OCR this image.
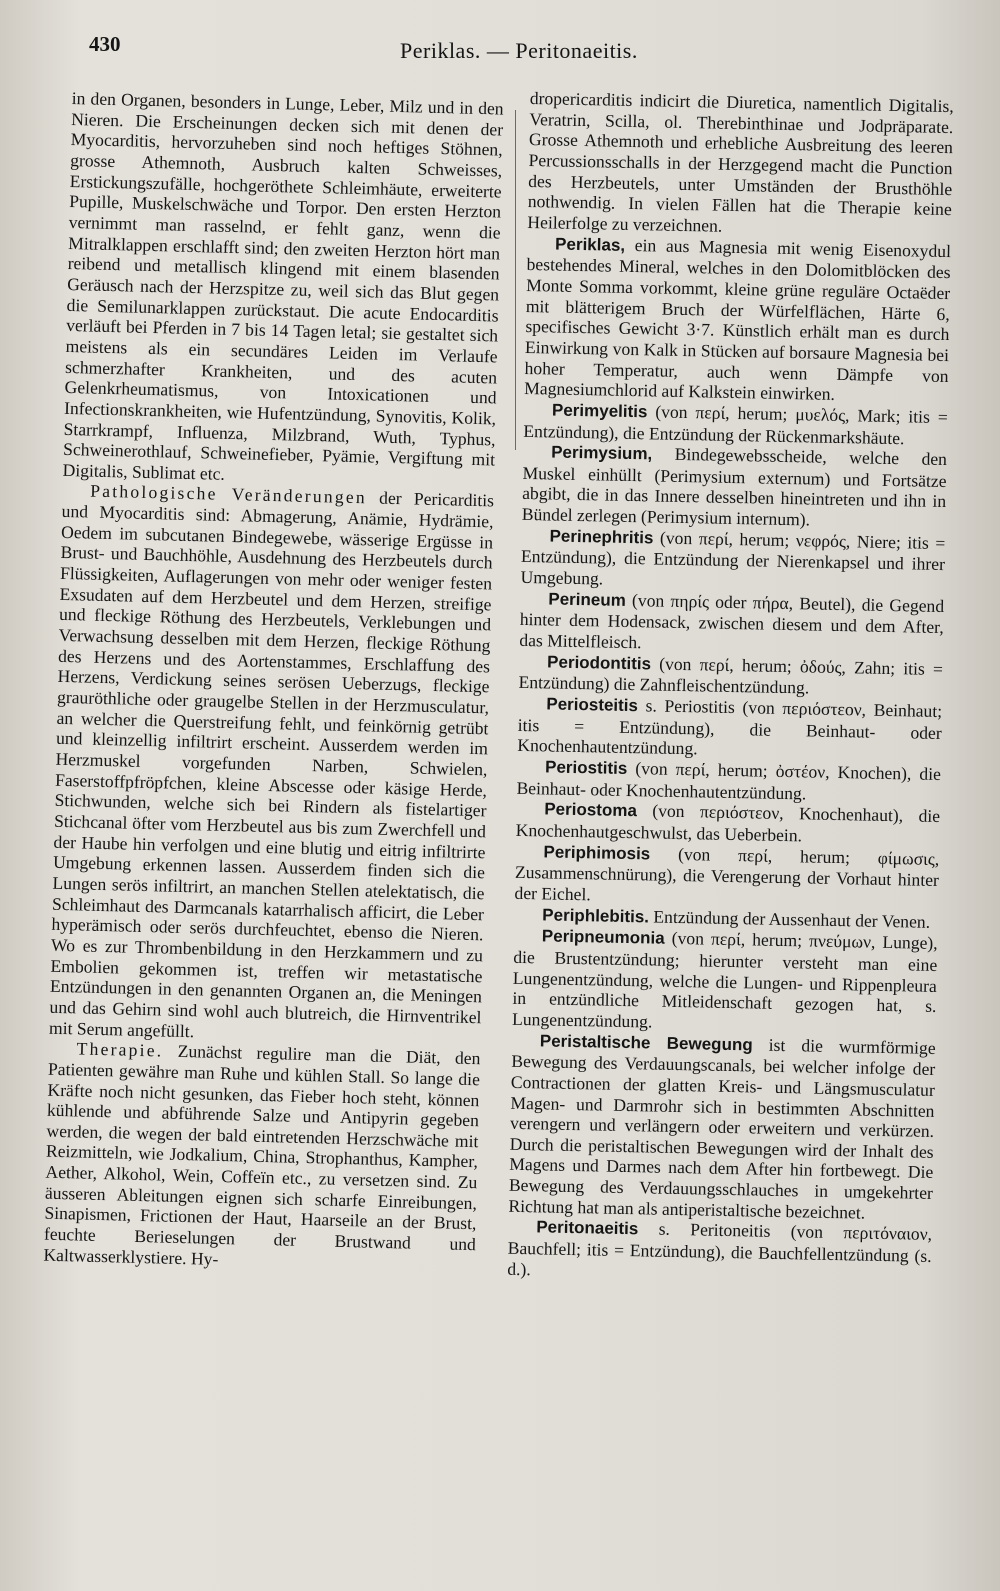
430	Periklas. — Peritonaeitis.

in den Organen, besonders in Lunge, Leber, Milz und in den Nieren. Die Erscheinungen decken sich mit denen der Myocarditis, hervorzuheben sind noch heftiges Stöhnen, grosse Athemnoth, Ausbruch kalten Schweisses, Erstickungszufälle, hochgeröthete Schleimhäute, erweiterte Pupille, Muskelschwäche und Torpor. Den ersten Herzton vernimmt man rasselnd, er fehlt ganz, wenn die Mitralklappen erschlafft sind; den zweiten Herzton hört man reibend und metallisch klingend mit einem blasenden Geräusch nach der Herzspitze zu, weil sich das Blut gegen die Semilunarklappen zurückstaut. Die acute Endocarditis verläuft bei Pferden in 7 bis 14 Tagen letal; sie gestaltet sich meistens als ein secundäres Leiden im Verlaufe schmerzhafter Krankheiten, und des acuten Gelenkrheumatismus, von Intoxicationen und Infectionskrankheiten, wie Hufentzündung, Synovitis, Kolik, Starrkrampf, Influenza, Milzbrand, Wuth, Typhus, Schweinerothlauf, Schweinefieber, Pyämie, Vergiftung mit Digitalis, Sublimat etc.

Pathologische Veränderungen der Pericarditis und Myocarditis sind: Abmagerung, Anämie, Hydrämie, Oedem im subcutanen Bindegewebe, wässerige Ergüsse in Brust- und Bauchhöhle, Ausdehnung des Herzbeutels durch Flüssigkeiten, Auflagerungen von mehr oder weniger festen Exsudaten auf dem Herzbeutel und dem Herzen, streifige und fleckige Röthung des Herzbeutels, Verklebungen und Verwachsung desselben mit dem Herzen, fleckige Röthung des Herzens und des Aortenstammes, Erschlaffung des Herzens, Verdickung seines serösen Ueberzugs, fleckige grauröthliche oder graugelbe Stellen in der Herzmusculatur, an welcher die Querstreifung fehlt, und feinkörnig getrübt und kleinzellig infiltrirt erscheint. Ausserdem werden im Herzmuskel vorgefunden Narben, Schwielen, Faserstoffpfröpfchen, kleine Abscesse oder käsige Herde, Stichwunden, welche sich bei Rindern als fistelartiger Stichcanal öfter vom Herzbeutel aus bis zum Zwerchfell und der Haube hin verfolgen und eine blutig und eitrig infiltrirte Umgebung erkennen lassen. Ausserdem finden sich die Lungen serös infiltrirt, an manchen Stellen atelektatisch, die Schleimhaut des Darmcanals katarrhalisch afficirt, die Leber hyperämisch oder serös durchfeuchtet, ebenso die Nieren. Wo es zur Thrombenbildung in den Herzkammern und zu Embolien gekommen ist, treffen wir metastatische Entzündungen in den genannten Organen an, die Meningen und das Gehirn sind wohl auch blutreich, die Hirnventrikel mit Serum angefüllt.

Therapie. Zunächst regulire man die Diät, den Patienten gewähre man Ruhe und kühlen Stall. So lange die Kräfte noch nicht gesunken, das Fieber hoch steht, können kühlende und abführende Salze und Antipyrin gegeben werden, die wegen der bald eintretenden Herzschwäche mit Reizmitteln, wie Jodkalium, China, Strophanthus, Kampher, Aether, Alkohol, Wein, Coffeïn etc., zu versetzen sind. Zu äusseren Ableitungen eignen sich scharfe Einreibungen, Sinapismen, Frictionen der Haut, Haarseile an der Brust, feuchte Berieselungen der Brustwand und Kaltwasserklystiere. Hy-

dropericarditis indicirt die Diuretica, namentlich Digitalis, Veratrin, Scilla, ol. Therebinthinae und Jodpräparate. Grosse Athemnoth und erhebliche Ausbreitung des leeren Percussionsschalls in der Herzgegend macht die Punction des Herzbeutels, unter Umständen der Brusthöhle nothwendig. In vielen Fällen hat die Therapie keine Heilerfolge zu verzeichnen.

Periklas, ein aus Magnesia mit wenig Eisenoxydul bestehendes Mineral, welches in den Dolomitblöcken des Monte Somma vorkommt, kleine grüne reguläre Octaëder mit blätterigem Bruch der Würfelflächen, Härte 6, specifisches Gewicht 3·7. Künstlich erhält man es durch Einwirkung von Kalk in Stücken auf borsaure Magnesia bei hoher Temperatur, auch wenn Dämpfe von Magnesiumchlorid auf Kalkstein einwirken.

Perimyelitis (von περί, herum; μυελός, Mark; itis = Entzündung), die Entzündung der Rückenmarkshäute.

Perimysium, Bindegewebsscheide, welche den Muskel einhüllt (Perimysium externum) und Fortsätze abgibt, die in das Innere desselben hineintreten und ihn in Bündel zerlegen (Perimysium internum).

Perinephritis (von περί, herum; νεφρός, Niere; itis = Entzündung), die Entzündung der Nierenkapsel und ihrer Umgebung.

Perineum (von πηρίς oder πήρα, Beutel), die Gegend hinter dem Hodensack, zwischen diesem und dem After, das Mittelfleisch.

Periodontitis (von περί, herum; ὀδούς, Zahn; itis = Entzündung) die Zahnfleischentzündung.

Periosteitis s. Periostitis (von περιόστεον, Beinhaut; itis = Entzündung), die Beinhaut- oder Knochenhautentzündung.

Periostitis (von περί, herum; ὀστέον, Knochen), die Beinhaut- oder Knochenhautentzündung.

Periostoma (von περιόστεον, Knochenhaut), die Knochenhautgeschwulst, das Ueberbein.

Periphimosis (von περί, herum; φίμωσις, Zusammenschnürung), die Verengerung der Vorhaut hinter der Eichel.

Periphlebitis. Entzündung der Aussenhaut der Venen.

Peripneumonia (von περί, herum; πνεύμων, Lunge), die Brustentzündung; hierunter versteht man eine Lungenentzündung, welche die Lungen- und Rippenpleura in entzündliche Mitleidenschaft gezogen hat, s. Lungenentzündung.

Peristaltische Bewegung ist die wurmförmige Bewegung des Verdauungscanals, bei welcher infolge der Contractionen der glatten Kreis- und Längsmusculatur Magen- und Darmrohr sich in bestimmten Abschnitten verengern und verlängern oder erweitern und verkürzen. Durch die peristaltischen Bewegungen wird der Inhalt des Magens und Darmes nach dem After hin fortbewegt. Die Bewegung des Verdauungsschlauches in umgekehrter Richtung hat man als antiperistaltische bezeichnet.

Peritonaeitis s. Peritoneitis (von περιτόναιον, Bauchfell; itis = Entzündung), die Bauchfellentzündung (s. d.).
